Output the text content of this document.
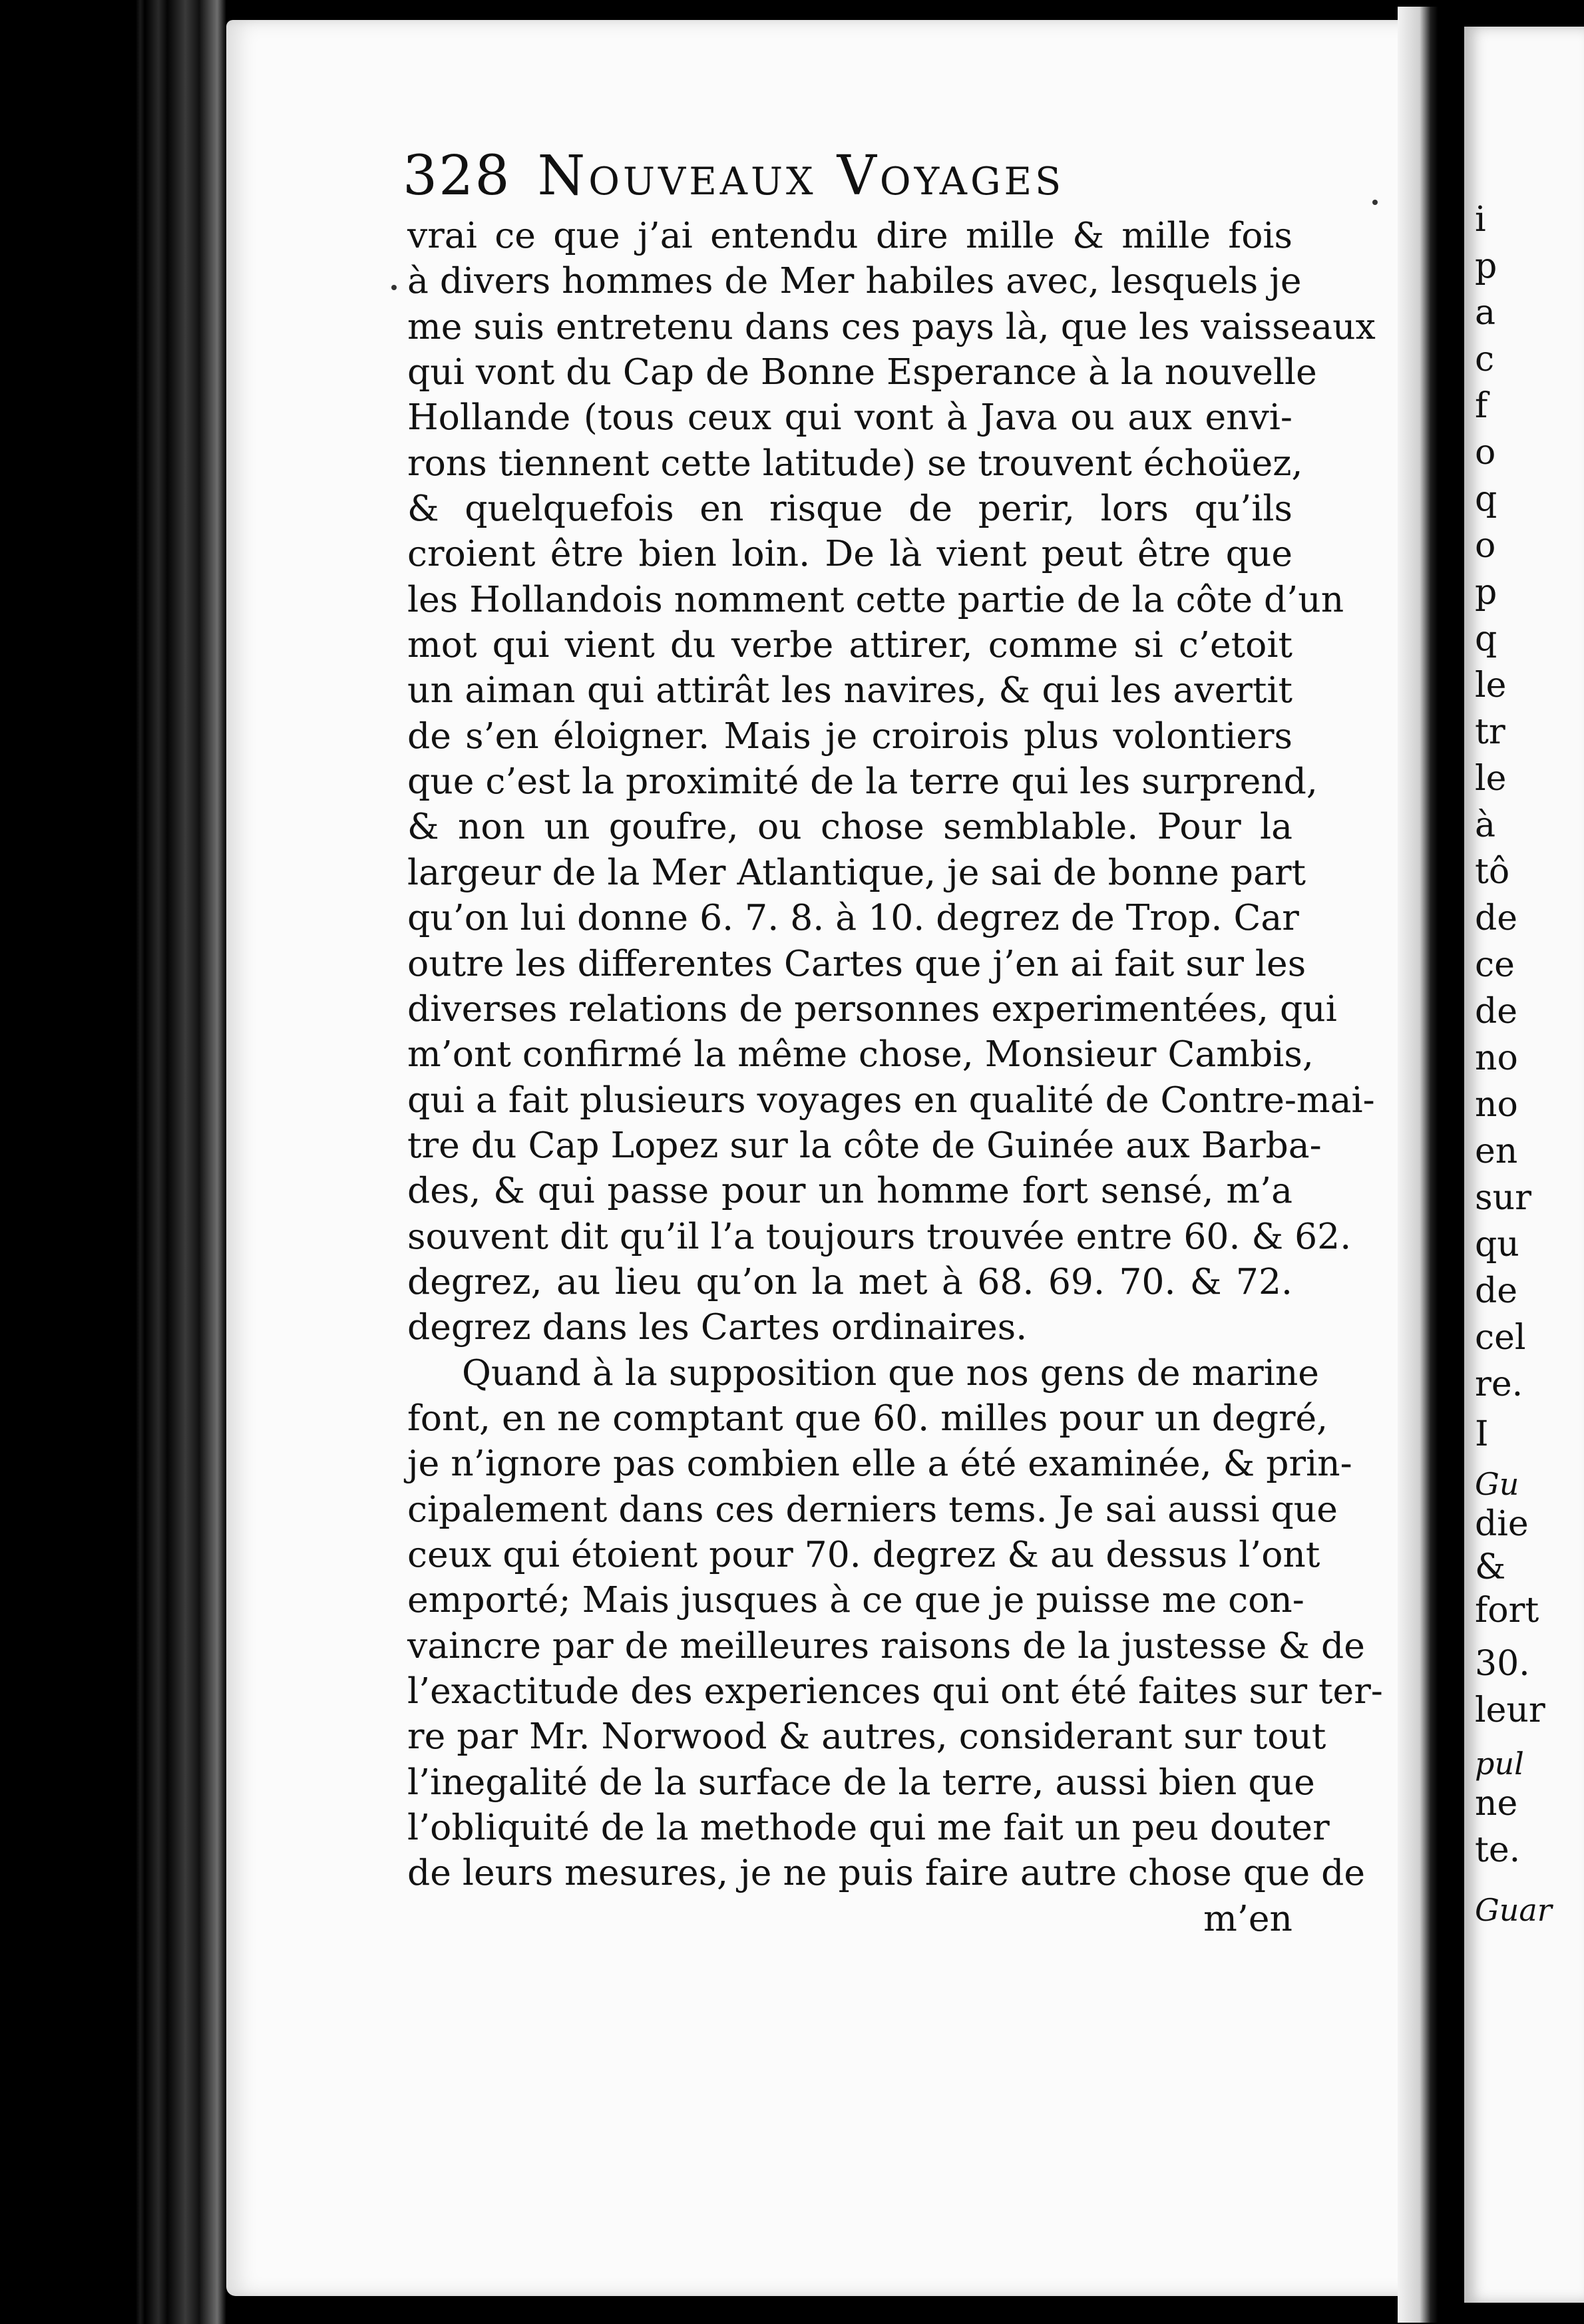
i
p
a
c
f
o
q
o
p
q
le
tr
le
à
tô
de
ce
de
no
no
en
sur
qu
de
cel
re.
I
Gu
die
&
fort
30.
leur
pul
ne
te.
Guar
328 Nouveaux Voyages
vrai ce que j’ai entendu dire mille & mille fois
à divers hommes de Mer habiles avec, lesquels je
me suis entretenu dans ces pays là, que les vaisseaux
qui vont du Cap de Bonne Esperance à la nouvelle
Hollande (tous ceux qui vont à Java ou aux envi-
rons tiennent cette latitude) se trouvent échoüez,
& quelquefois en risque de perir, lors qu’ils
croient être bien loin. De là vient peut être que
les Hollandois nomment cette partie de la côte d’un
mot qui vient du verbe attirer, comme si c’etoit
un aiman qui attirât les navires, & qui les avertit
de s’en éloigner. Mais je croirois plus volontiers
que c’est la proximité de la terre qui les surprend,
& non un goufre, ou chose semblable. Pour la
largeur de la Mer Atlantique, je sai de bonne part
qu’on lui donne 6. 7. 8. à 10. degrez de Trop. Car
outre les differentes Cartes que j’en ai fait sur les
diverses relations de personnes experimentées, qui
m’ont confirmé la même chose, Monsieur Cambis,
qui a fait plusieurs voyages en qualité de Contre-mai-
tre du Cap Lopez sur la côte de Guinée aux Barba-
des, & qui passe pour un homme fort sensé, m’a
souvent dit qu’il l’a toujours trouvée entre 60. & 62.
degrez, au lieu qu’on la met à 68. 69. 70. & 72.
degrez dans les Cartes ordinaires.
Quand à la supposition que nos gens de marine
font, en ne comptant que 60. milles pour un degré,
je n’ignore pas combien elle a été examinée, & prin-
cipalement dans ces derniers tems. Je sai aussi que
ceux qui étoient pour 70. degrez & au dessus l’ont
emporté; Mais jusques à ce que je puisse me con-
vaincre par de meilleures raisons de la justesse & de
l’exactitude des experiences qui ont été faites sur ter-
re par Mr. Norwood & autres, considerant sur tout
l’inegalité de la surface de la terre, aussi bien que
l’obliquité de la methode qui me fait un peu douter
de leurs mesures, je ne puis faire autre chose que de
m’en
